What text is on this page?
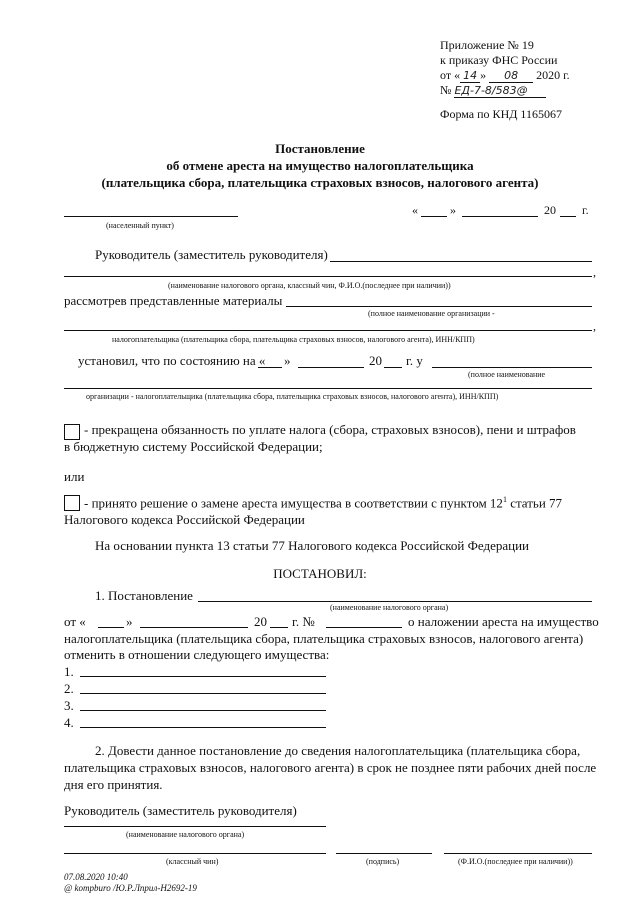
Приложение № 19
к приказу ФНС России
от « 14 » 08 2020 г.
№ ЕД-7-8/583@
Форма по КНД 1165067
Постановление
об отмене ареста на имущество налогоплательщика
(плательщика сбора, плательщика страховых взносов, налогового агента)
(населенный пункт)
«	»	20 г.
Руководитель (заместитель руководителя)
,
(наименование налогового органа, классный чин, Ф.И.О.(последнее при наличии))
рассмотрев представленные материалы
(полное наименование организации -
,
налогоплательщика (плательщика сбора, плательщика страховых взносов, налогового агента), ИНН/КПП)
установил, что по состоянию на « »	20 г. у
(полное наименование
организации - налогоплательщика (плательщика сбора, плательщика страховых взносов, налогового агента), ИНН/КПП)
- прекращена обязанность по уплате налога (сбора, страховых взносов), пени и штрафов
в бюджетную систему Российской Федерации;
или
- принято решение о замене ареста имущества в соответствии с пунктом $12^1$ статьи 77
Налогового кодекса Российской Федерации
На основании пункта 13 статьи 77 Налогового кодекса Российской Федерации
ПОСТАНОВИЛ:
1. Постановление
(наименование налогового органа)
от «	»	20 г. №	о наложении ареста на имущество
налогоплательщика (плательщика сбора, плательщика страховых взносов, налогового агента)
отменить в отношении следующего имущества:
1.
2.
3.
4.
2. Довести данное постановление до сведения налогоплательщика (плательщика сбора,
плательщика страховых взносов, налогового агента) в срок не позднее пяти рабочих дней после
дня его принятия.
Руководитель (заместитель руководителя)
(наименование налогового органа)
(классный чин)	(подпись)	(Ф.И.О.(последнее при наличии))
07.08.2020 10:40
@ kompburo /Ю.Р.Лприл-Н2692-19
